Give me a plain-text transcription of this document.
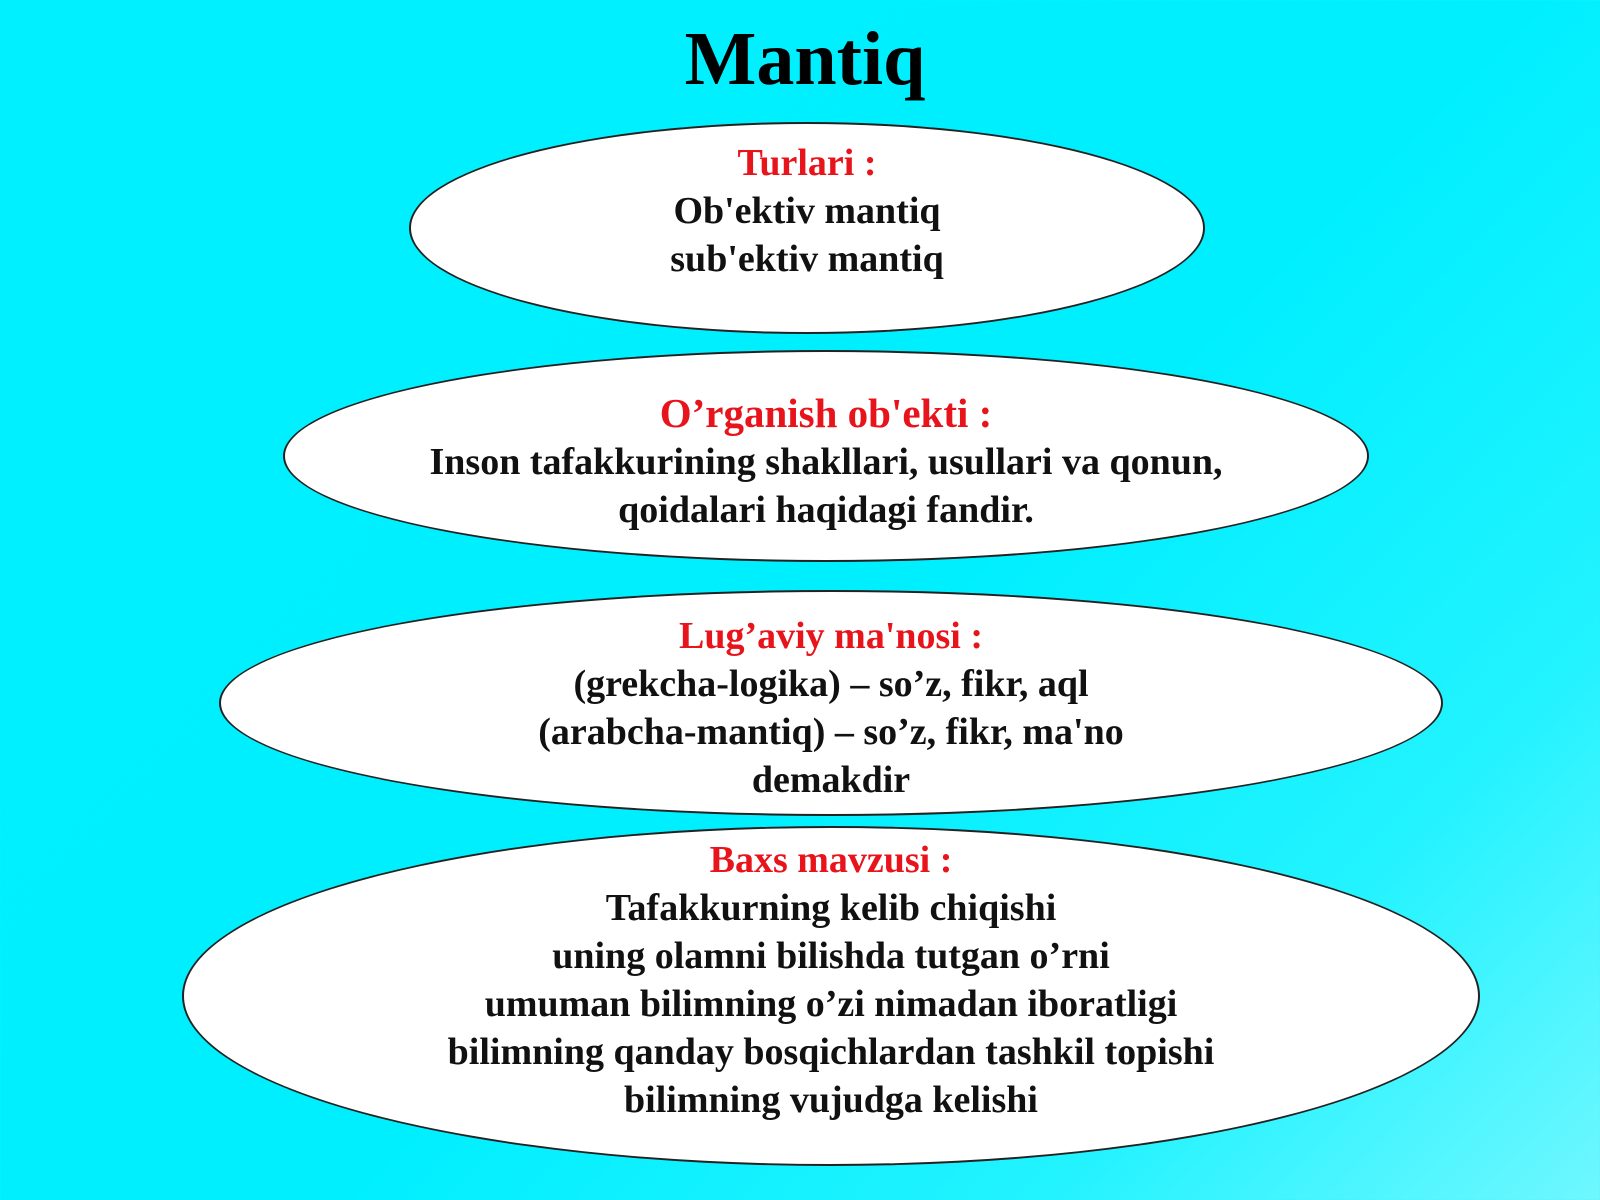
Mantiq
Turlari :
Ob'ektiv mantiq
sub'ektiv mantiq
O’rganish ob'ekti :
Inson tafakkurining shakllari, usullari va qonun,
qoidalari haqidagi fandir.
Lug’aviy ma'nosi :
(grekcha-logika) – so’z, fikr, aql
(arabcha-mantiq) – so’z, fikr, ma'no
demakdir
Baxs mavzusi :
Tafakkurning kelib chiqishi
uning olamni bilishda tutgan o’rni
umuman bilimning o’zi nimadan iboratligi
bilimning qanday bosqichlardan tashkil topishi
bilimning vujudga kelishi
